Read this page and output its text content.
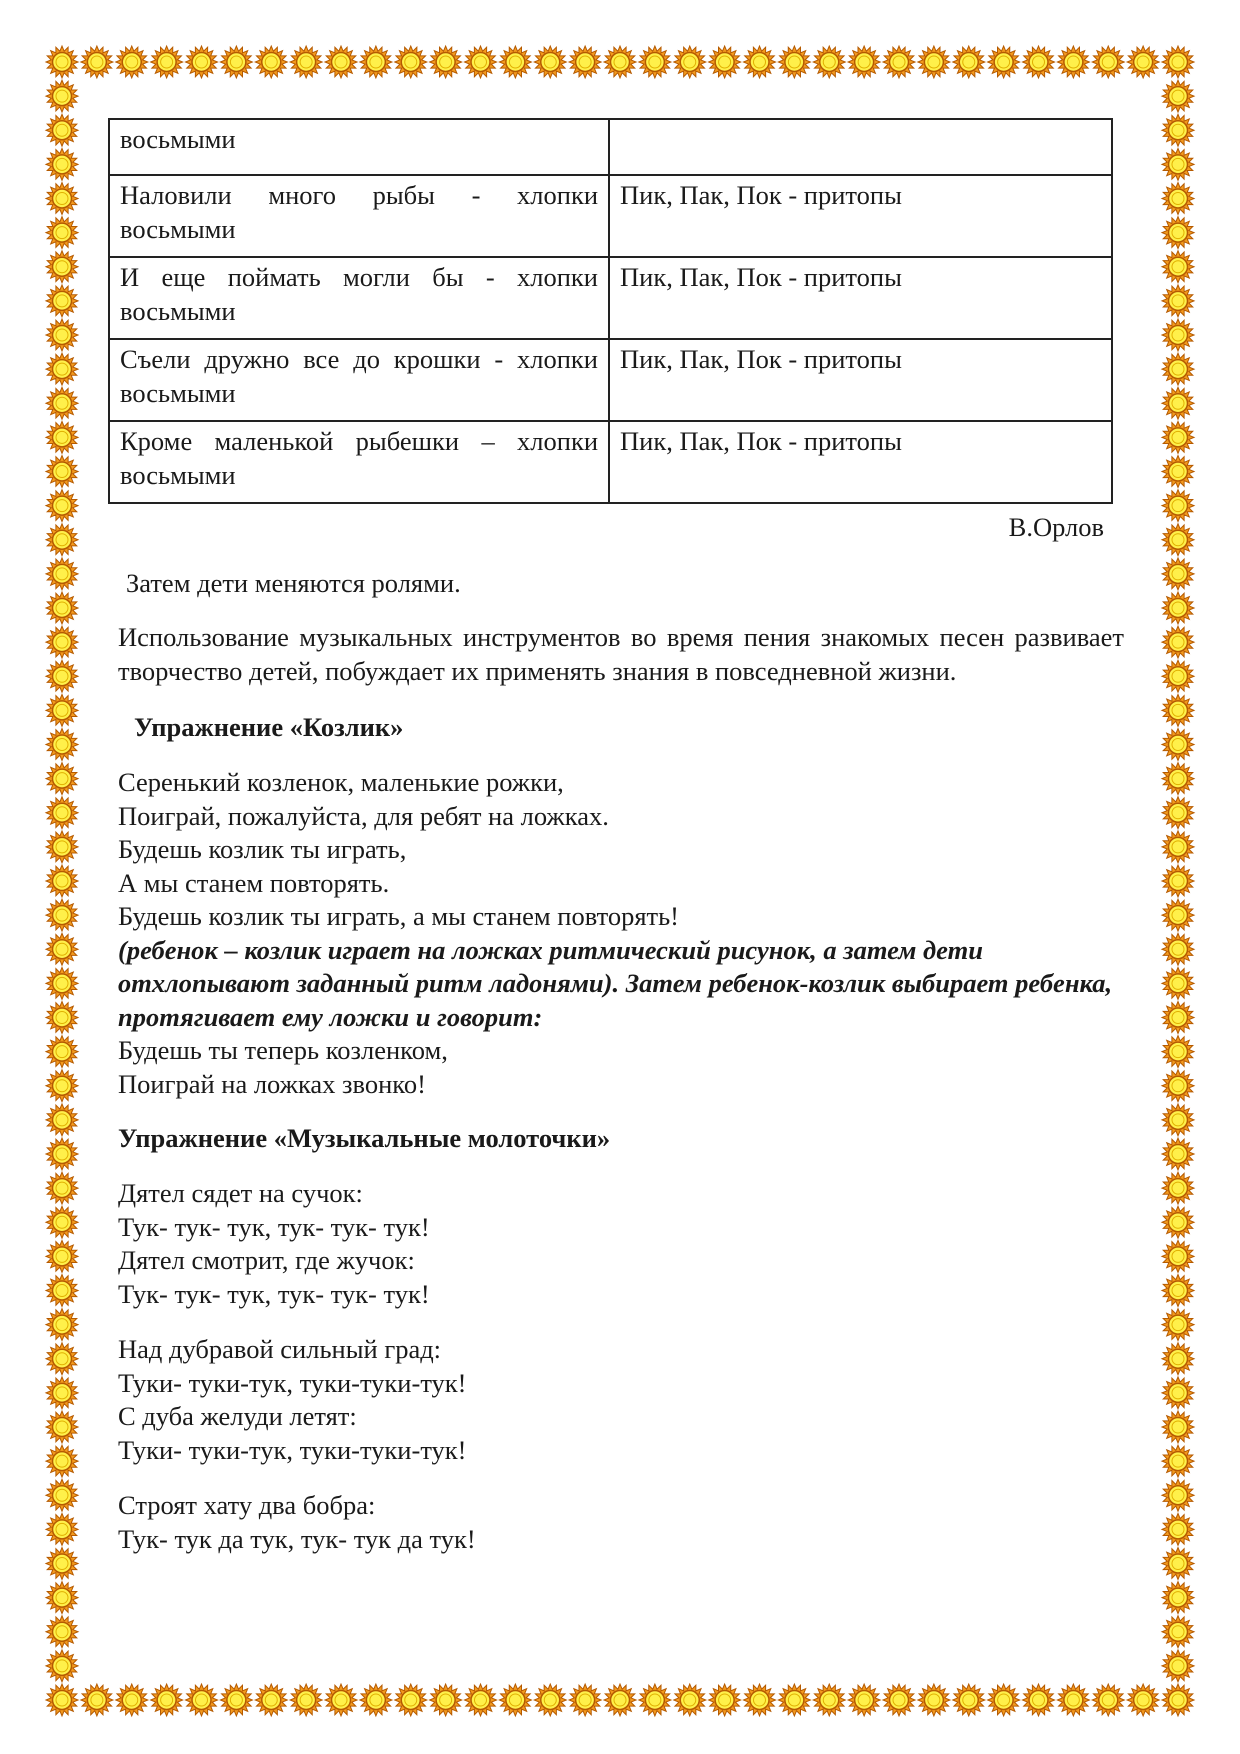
восьмыми	
Наловили много рыбы - хлопки восьмыми	Пик, Пак, Пок - притопы
И еще поймать могли бы - хлопки восьмыми	Пик, Пак, Пок - притопы
Съели дружно все до крошки - хлопки восьмыми	Пик, Пак, Пок - притопы
Кроме маленькой рыбешки – хлопки восьмыми	Пик, Пак, Пок - притопы
В.Орлов

Затем дети меняются ролями.

Использование музыкальных инструментов во время пения знакомых песен развивает творчество детей, побуждает их применять знания в повседневной жизни.

Упражнение «Козлик»
Серенький козленок, маленькие рожки,
Поиграй, пожалуйста, для ребят на ложках.
Будешь козлик ты играть,
А мы станем повторять.
Будешь козлик ты играть, а мы станем повторять!
(ребенок – козлик играет на ложках ритмический рисунок, а затем дети отхлопывают заданный ритм ладонями). Затем ребенок-козлик выбирает ребенка, протягивает ему ложки и говорит:
Будешь ты теперь козленком,
Поиграй на ложках звонко!
Упражнение «Музыкальные молоточки»
Дятел сядет на сучок:
Тук- тук- тук, тук- тук- тук!
Дятел смотрит, где жучок:
Тук- тук- тук, тук- тук- тук!
Над дубравой сильный град:
Туки- туки-тук, туки-туки-тук!
С дуба желуди летят:
Туки- туки-тук, туки-туки-тук!
Строят хату два бобра:
Тук- тук да тук, тук- тук да тук!
